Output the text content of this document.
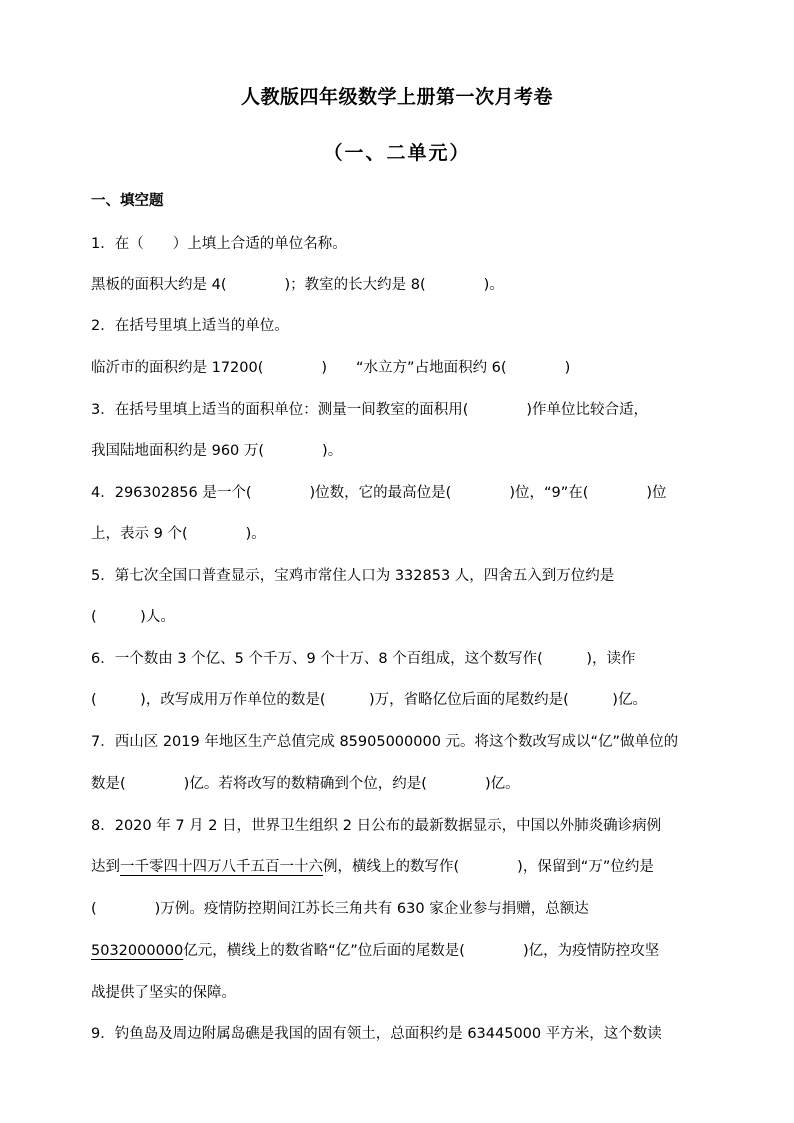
人教版四年级数学上册第一次月考卷
（一、二单元）
一、填空题
1．在（　　）上填上合适的单位名称。
黑板的面积大约是 4(　　　　)；教室的长大约是 8(　　　　)。
2．在括号里填上适当的单位。
临沂市的面积约是 17200(　　　　)　　“水立方”占地面积约 6(　　　　)
3．在括号里填上适当的面积单位：测量一间教室的面积用(　　　　)作单位比较合适，
我国陆地面积约是 960 万(　　　　)。
4．296302856 是一个(　　　　)位数，它的最高位是(　　　　)位，“9”在(　　　　)位
上，表示 9 个(　　　　)。
5．第七次全国口普查显示，宝鸡市常住人口为 332853 人，四舍五入到万位约是
(　　　)人。
6．一个数由 3 个亿、5 个千万、9 个十万、8 个百组成，这个数写作(　　　)，读作
(　　　)，改写成用万作单位的数是(　　　)万，省略亿位后面的尾数约是(　　　)亿。
7．西山区 2019 年地区生产总值完成 85905000000 元。将这个数改写成以“亿”做单位的
数是(　　　　)亿。若将改写的数精确到个位，约是(　　　　)亿。
8．2020 年 7 月 2 日，世界卫生组织 2 日公布的最新数据显示，中国以外肺炎确诊病例
达到一千零四十四万八千五百一十六例，横线上的数写作(　　　　)，保留到“万”位约是
(　　　　)万例。疫情防控期间江苏长三角共有 630 家企业参与捐赠，总额达
5032000000亿元，横线上的数省略“亿”位后面的尾数是(　　　　)亿，为疫情防控攻坚
战提供了坚实的保障。
9．钓鱼岛及周边附属岛礁是我国的固有领土，总面积约是 63445000 平方米，这个数读
